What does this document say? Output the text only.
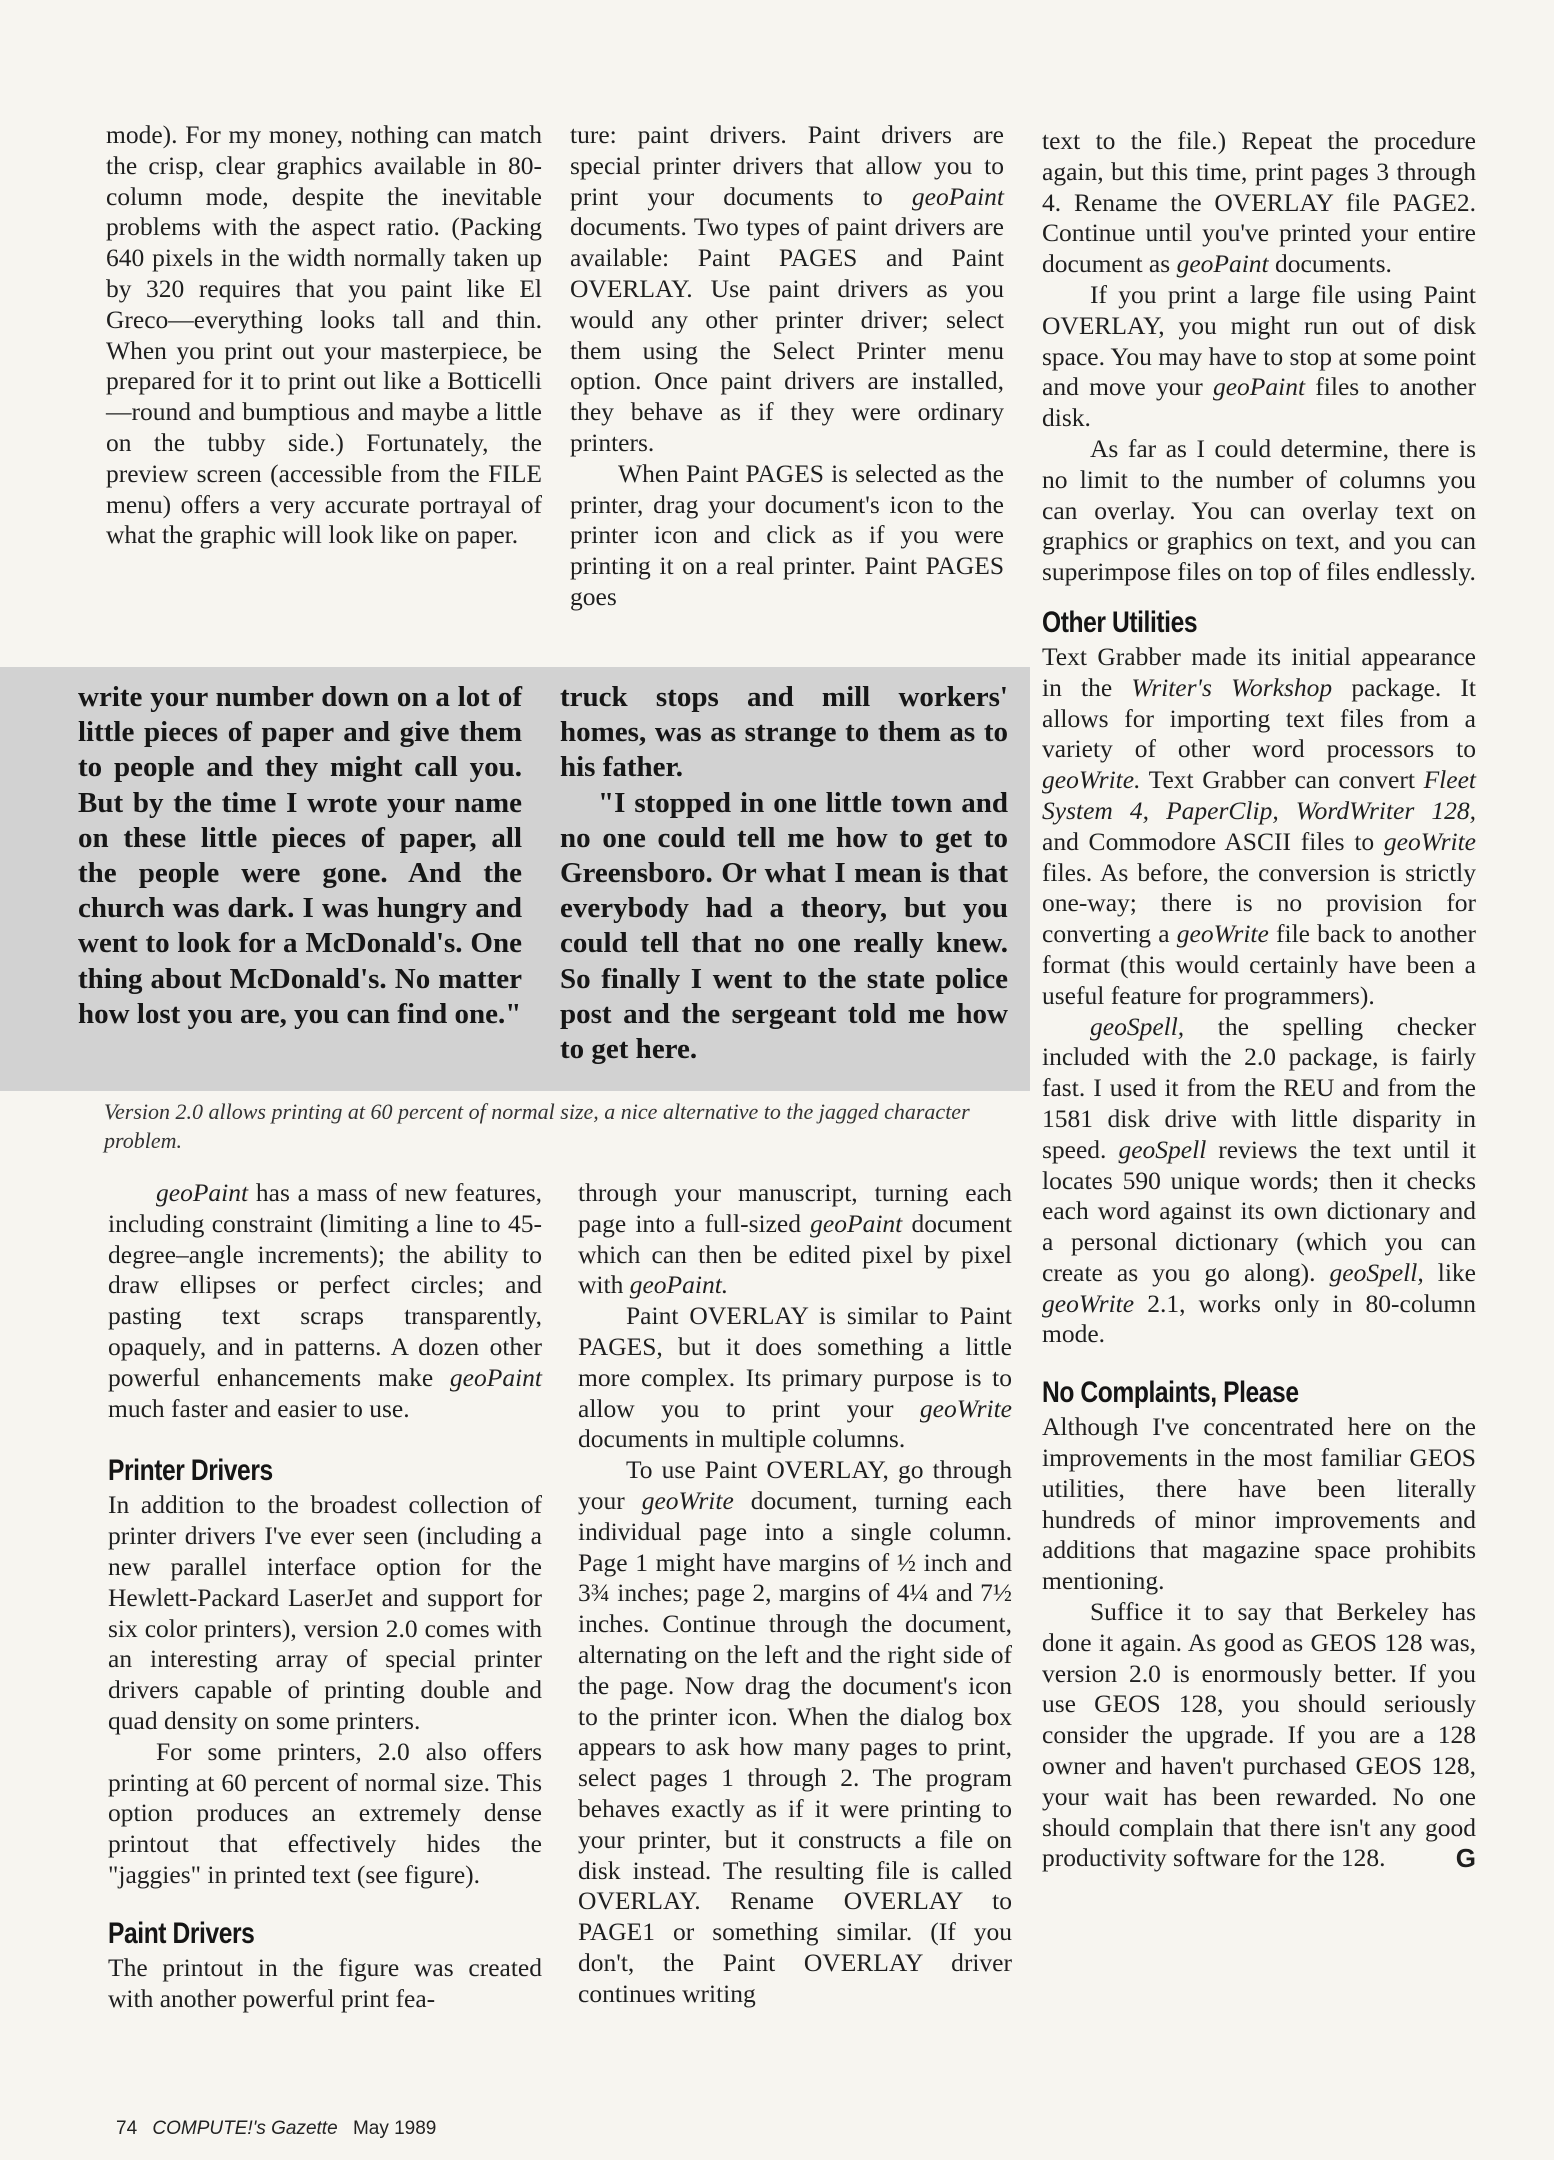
mode). For my money, nothing can match the crisp, clear graphics available in 80-column mode, despite the inevitable problems with the aspect ratio. (Packing 640 pixels in the width normally taken up by 320 requires that you paint like El Greco—everything looks tall and thin. When you print out your masterpiece, be prepared for it to print out like a Botticelli—round and bumptious and maybe a little on the tubby side.) Fortunately, the preview screen (accessible from the FILE menu) offers a very accurate portrayal of what the graphic will look like on paper.

ture: paint drivers. Paint drivers are special printer drivers that allow you to print your documents to geoPaint documents. Two types of paint drivers are available: Paint PAGES and Paint OVERLAY. Use paint drivers as you would any other printer driver; select them using the Select Printer menu option. Once paint drivers are installed, they behave as if they were ordinary printers.

When Paint PAGES is selected as the printer, drag your document's icon to the printer icon and click as if you were printing it on a real printer. Paint PAGES goes

write your number down on a lot of little pieces of paper and give them to people and they might call you. But by the time I wrote your name on these little pieces of paper, all the people were gone. And the church was dark. I was hungry and went to look for a McDonald's. One thing about McDonald's. No matter how lost you are, you can find one."

truck stops and mill workers' homes, was as strange to them as to his father.

"I stopped in one little town and no one could tell me how to get to Greensboro. Or what I mean is that everybody had a theory, but you could tell that no one really knew. So finally I went to the state police post and the sergeant told me how to get here.

Version 2.0 allows printing at 60 percent of normal size, a nice alternative to the jagged character problem.

geoPaint has a mass of new features, including constraint (limiting a line to 45-degree–angle increments); the ability to draw ellipses or perfect circles; and pasting text scraps transparently, opaquely, and in patterns. A dozen other powerful enhancements make geoPaint much faster and easier to use.

Printer Drivers

In addition to the broadest collection of printer drivers I've ever seen (including a new parallel interface option for the Hewlett-Packard LaserJet and support for six color printers), version 2.0 comes with an interesting array of special printer drivers capable of printing double and quad density on some printers.

For some printers, 2.0 also offers printing at 60 percent of normal size. This option produces an extremely dense printout that effectively hides the "jaggies" in printed text (see figure).

Paint Drivers

The printout in the figure was created with another powerful print fea-

through your manuscript, turning each page into a full-sized geoPaint document which can then be edited pixel by pixel with geoPaint.

Paint OVERLAY is similar to Paint PAGES, but it does something a little more complex. Its primary purpose is to allow you to print your geoWrite documents in multiple columns.

To use Paint OVERLAY, go through your geoWrite document, turning each individual page into a single column. Page 1 might have margins of ½ inch and 3¾ inches; page 2, margins of 4¼ and 7½ inches. Continue through the document, alternating on the left and the right side of the page. Now drag the document's icon to the printer icon. When the dialog box appears to ask how many pages to print, select pages 1 through 2. The program behaves exactly as if it were printing to your printer, but it constructs a file on disk instead. The resulting file is called OVERLAY. Rename OVERLAY to PAGE1 or something similar. (If you don't, the Paint OVERLAY driver continues writing

text to the file.) Repeat the procedure again, but this time, print pages 3 through 4. Rename the OVERLAY file PAGE2. Continue until you've printed your entire document as geoPaint documents.

If you print a large file using Paint OVERLAY, you might run out of disk space. You may have to stop at some point and move your geoPaint files to another disk.

As far as I could determine, there is no limit to the number of columns you can overlay. You can overlay text on graphics or graphics on text, and you can superimpose files on top of files endlessly.

Other Utilities

Text Grabber made its initial appearance in the Writer's Workshop package. It allows for importing text files from a variety of other word processors to geoWrite. Text Grabber can convert Fleet System 4, PaperClip, WordWriter 128, and Commodore ASCII files to geoWrite files. As before, the conversion is strictly one-way; there is no provision for converting a geoWrite file back to another format (this would certainly have been a useful feature for programmers).

geoSpell, the spelling checker included with the 2.0 package, is fairly fast. I used it from the REU and from the 1581 disk drive with little disparity in speed. geoSpell reviews the text until it locates 590 unique words; then it checks each word against its own dictionary and a personal dictionary (which you can create as you go along). geoSpell, like geoWrite 2.1, works only in 80-column mode.

No Complaints, Please

Although I've concentrated here on the improvements in the most familiar GEOS utilities, there have been literally hundreds of minor improvements and additions that magazine space prohibits mentioning.

Suffice it to say that Berkeley has done it again. As good as GEOS 128 was, version 2.0 is enormously better. If you use GEOS 128, you should seriously consider the upgrade. If you are a 128 owner and haven't purchased GEOS 128, your wait has been rewarded. No one should complain that there isn't any good productivity software for the 128.	G

74 COMPUTE!'s Gazette May 1989
